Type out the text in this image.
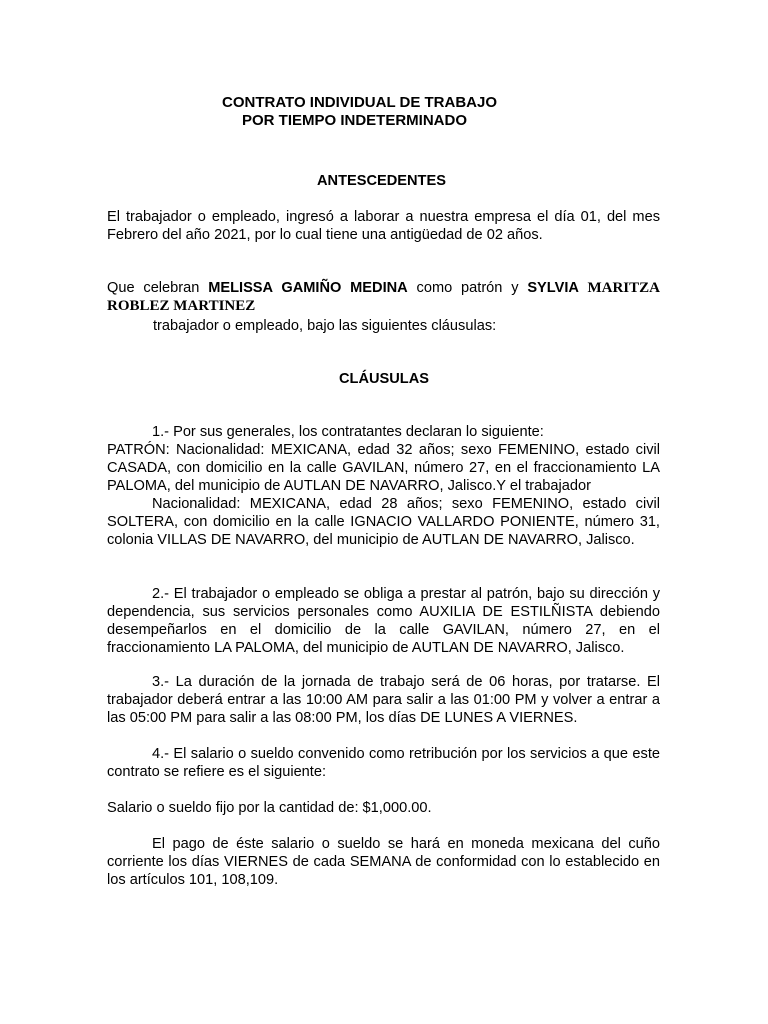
CONTRATO INDIVIDUAL DE TRABAJO
POR TIEMPO INDETERMINADO
ANTESCEDENTES
El trabajador o empleado, ingresó a laborar a nuestra empresa el día 01, del mes Febrero del año 2021, por lo cual tiene una antigüedad de 02 años.
Que celebran MELISSA GAMIÑO MEDINA como patrón y SYLVIA MARITZA ROBLEZ MARTINEZ
trabajador o empleado, bajo las siguientes cláusulas:
CLÁUSULAS
1.- Por sus generales, los contratantes declaran lo siguiente:
PATRÓN: Nacionalidad: MEXICANA, edad 32 años; sexo FEMENINO, estado civil CASADA, con domicilio en la calle GAVILAN, número 27, en el fraccionamiento LA PALOMA, del municipio de AUTLAN DE NAVARRO, Jalisco.Y el trabajador
Nacionalidad: MEXICANA, edad 28 años; sexo FEMENINO, estado civil SOLTERA, con domicilio en la calle IGNACIO VALLARDO PONIENTE, número 31, colonia VILLAS DE NAVARRO, del municipio de AUTLAN DE NAVARRO, Jalisco.
2.- El trabajador o empleado se obliga a prestar al patrón, bajo su dirección y dependencia, sus servicios personales como AUXILIA DE ESTILÑISTA debiendo desempeñarlos en el domicilio de la calle GAVILAN, número 27, en el fraccionamiento LA PALOMA, del municipio de AUTLAN DE NAVARRO, Jalisco.
3.- La duración de la jornada de trabajo será de 06 horas, por tratarse. El trabajador deberá entrar a las 10:00 AM para salir a las 01:00 PM y volver a entrar a las 05:00 PM para salir a las 08:00 PM, los días DE LUNES A VIERNES.
4.- El salario o sueldo convenido como retribución por los servicios a que este contrato se refiere es el siguiente:
Salario o sueldo fijo por la cantidad de: $1,000.00.
El pago de éste salario o sueldo se hará en moneda mexicana del cuño corriente los días VIERNES de cada SEMANA de conformidad con lo establecido en los artículos 101, 108,109.
